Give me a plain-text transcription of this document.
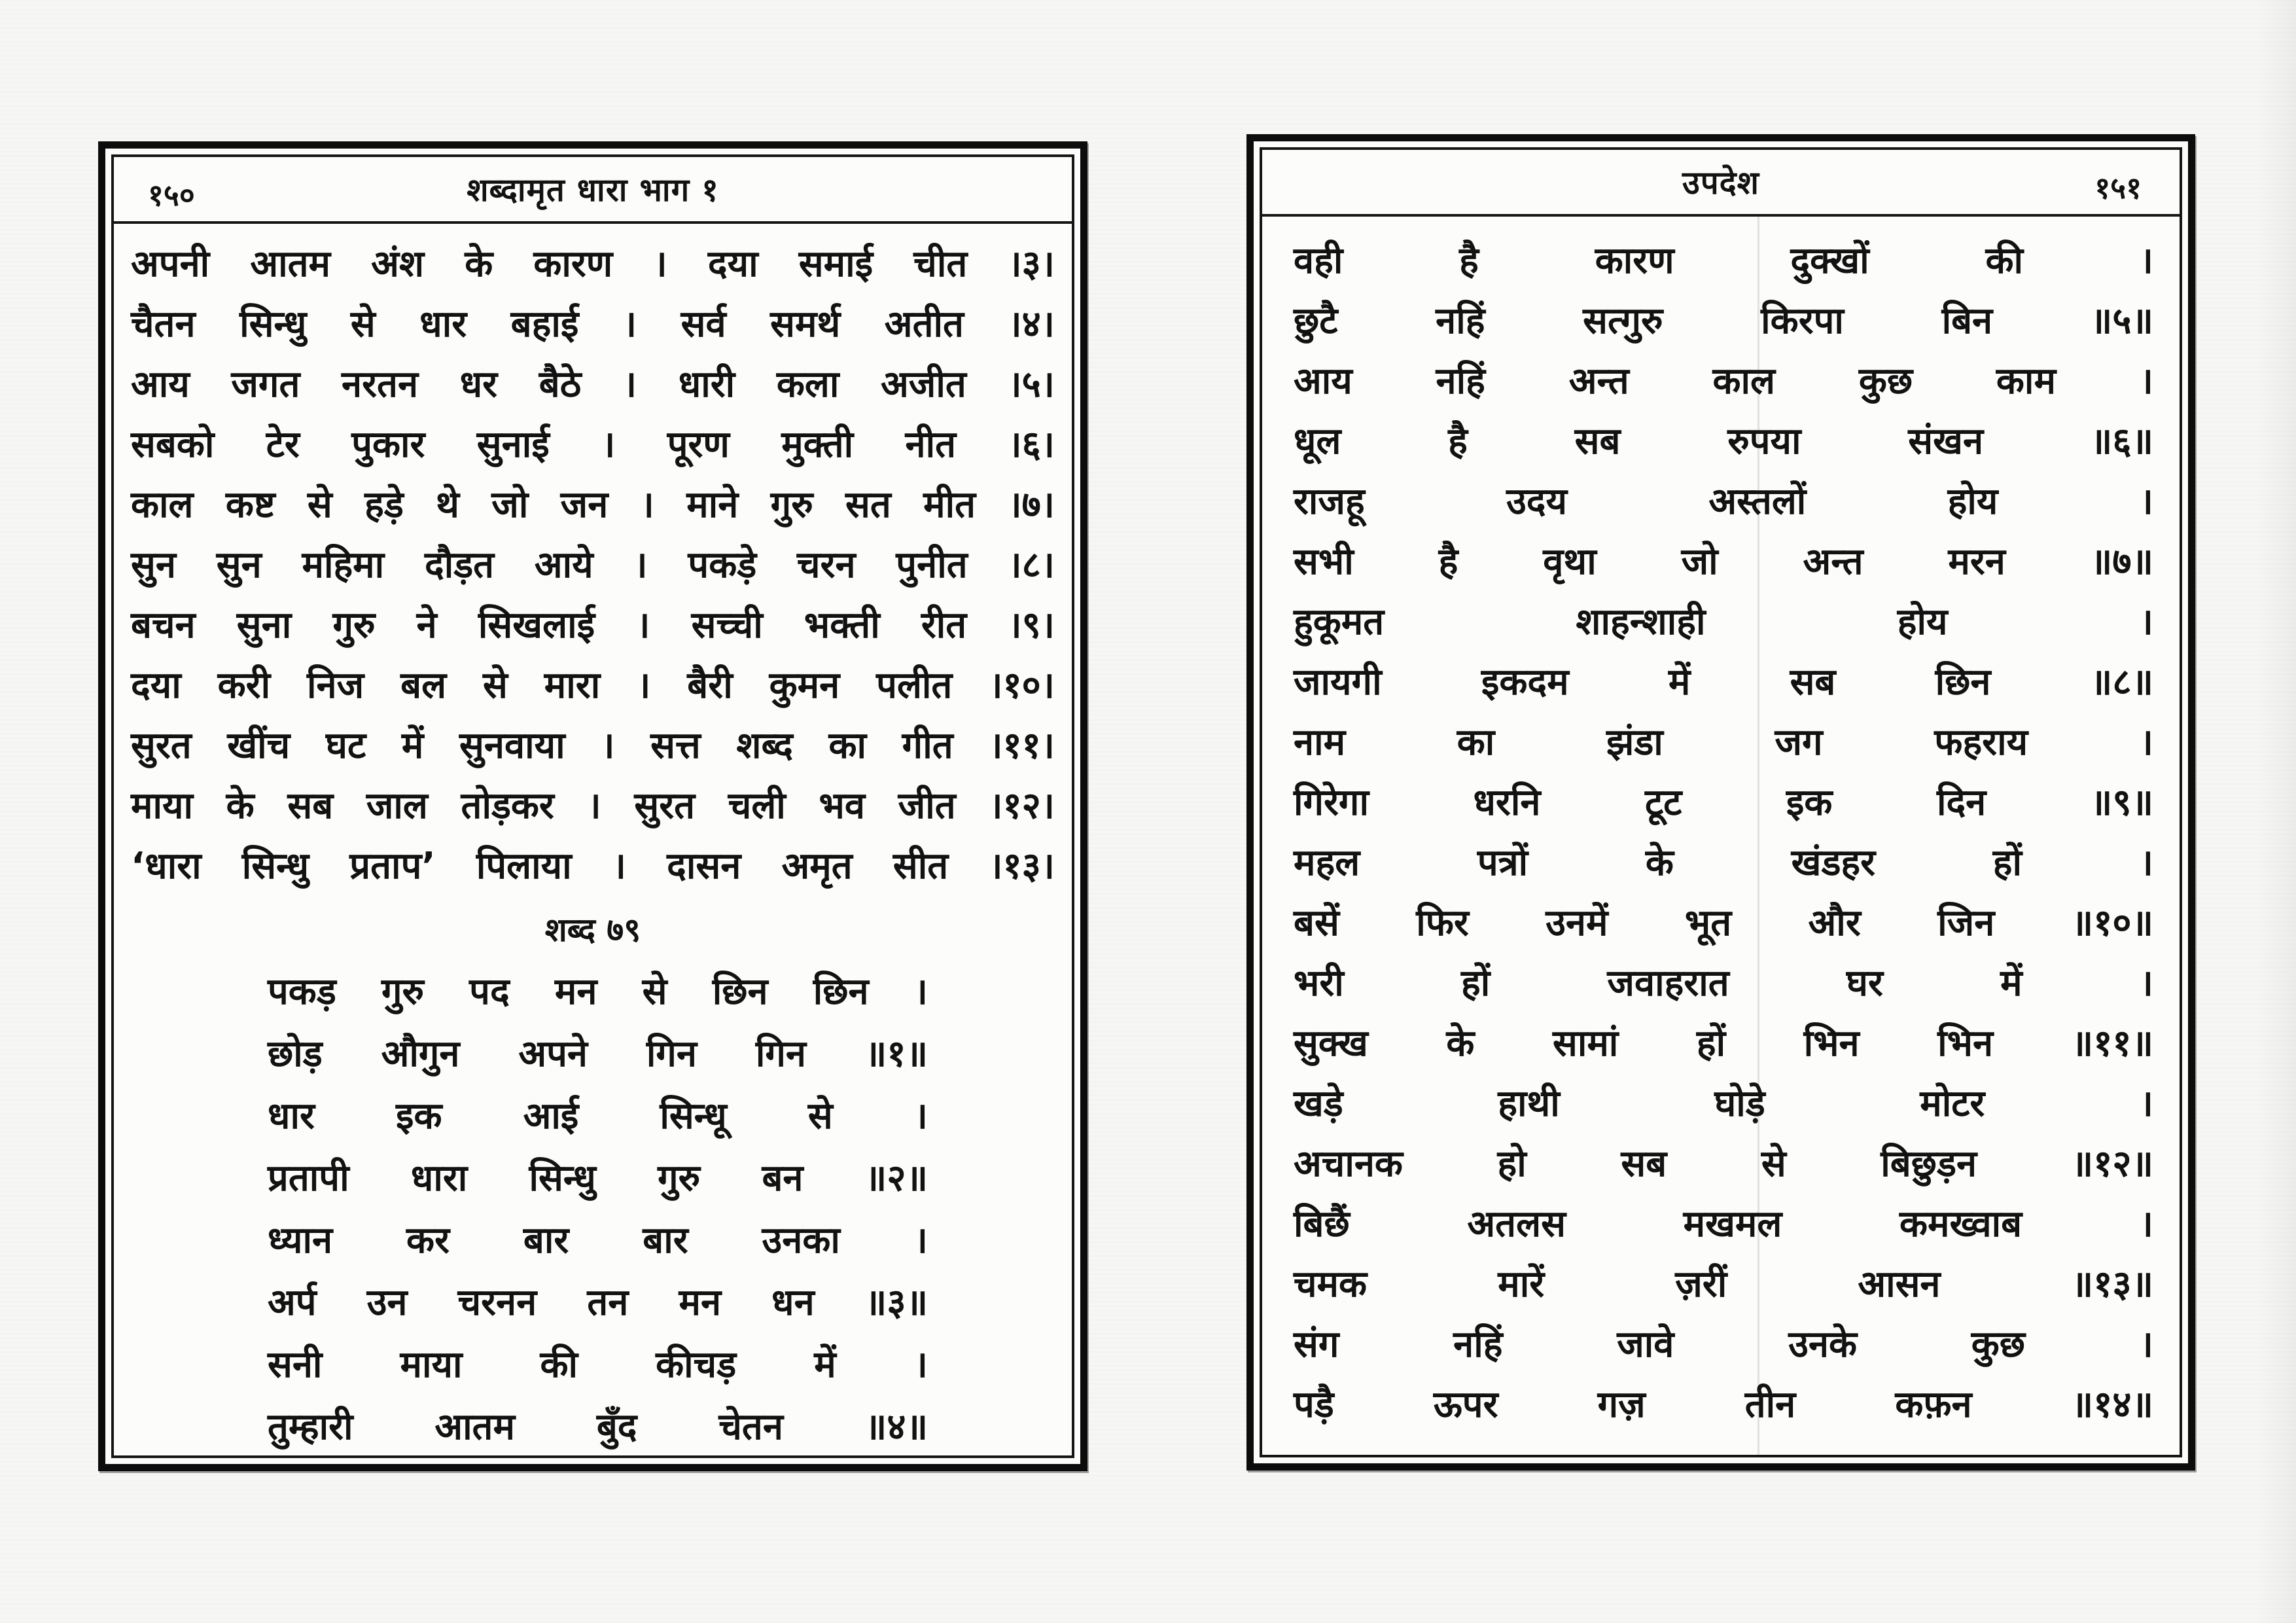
१५०	शब्दामृत धारा भाग १
अपनी आतम अंश के कारण । दया समाई चीत ।३।
चैतन सिन्धु से धार बहाई । सर्व समर्थ अतीत ।४।
आय जगत नरतन धर बैठे । धारी कला अजीत ।५।
सबको टेर पुकार सुनाई । पूरण मुक्ती नीत ।६।
काल कष्ट से हड़े थे जो जन । माने गुरु सत मीत ।७।
सुन सुन महिमा दौड़त आये । पकड़े चरन पुनीत ।८।
बचन सुना गुरु ने सिखलाई । सच्ची भक्ती रीत ।९।
दया करी निज बल से मारा । बैरी कुमन पलीत ।१०।
सुरत खींच घट में सुनवाया । सत्त शब्द का गीत ।११।
माया के सब जाल तोड़कर । सुरत चली भव जीत ।१२।
‘धारा सिन्धु प्रताप’ पिलाया । दासन अमृत सीत ।१३।
शब्द ७९
पकड़ गुरु पद मन से छिन छिन ।
छोड़ औगुन अपने गिन गिन ॥१॥
धार इक आई सिन्धू से ।
प्रतापी धारा सिन्धु गुरु बन ॥२॥
ध्यान कर बार बार उनका ।
अर्प उन चरनन तन मन धन ॥३॥
सनी माया की कीचड़ में ।
तुम्हारी आतम बुँद चेतन ॥४॥
उपदेश	१५१
वही है कारण दुक्खों की ।
छुटै नहिं सत्गुरु किरपा बिन ॥५॥
आय नहिं अन्त काल कुछ काम ।
धूल है सब रुपया संखन ॥६॥
राजहू उदय अस्तलों होय ।
सभी है वृथा जो अन्त मरन ॥७॥
हुकूमत शाहन्शाही होय ।
जायगी इकदम में सब छिन ॥८॥
नाम का झंडा जग फहराय ।
गिरेगा धरनि टूट इक दिन ॥९॥
महल पत्रों के खंडहर हों ।
बसें फिर उनमें भूत और जिन ॥१०॥
भरी हों जवाहरात घर में ।
सुक्ख के सामां हों भिन भिन ॥११॥
खड़े हाथी घोड़े मोटर ।
अचानक हो सब से बिछुड़न ॥१२॥
बिछैं अतलस मखमल कमख्वाब ।
चमक मारें ज़रीं आसन ॥१३॥
संग नहिं जावे उनके कुछ ।
पड़ै ऊपर गज़ तीन कफ़न ॥१४॥
